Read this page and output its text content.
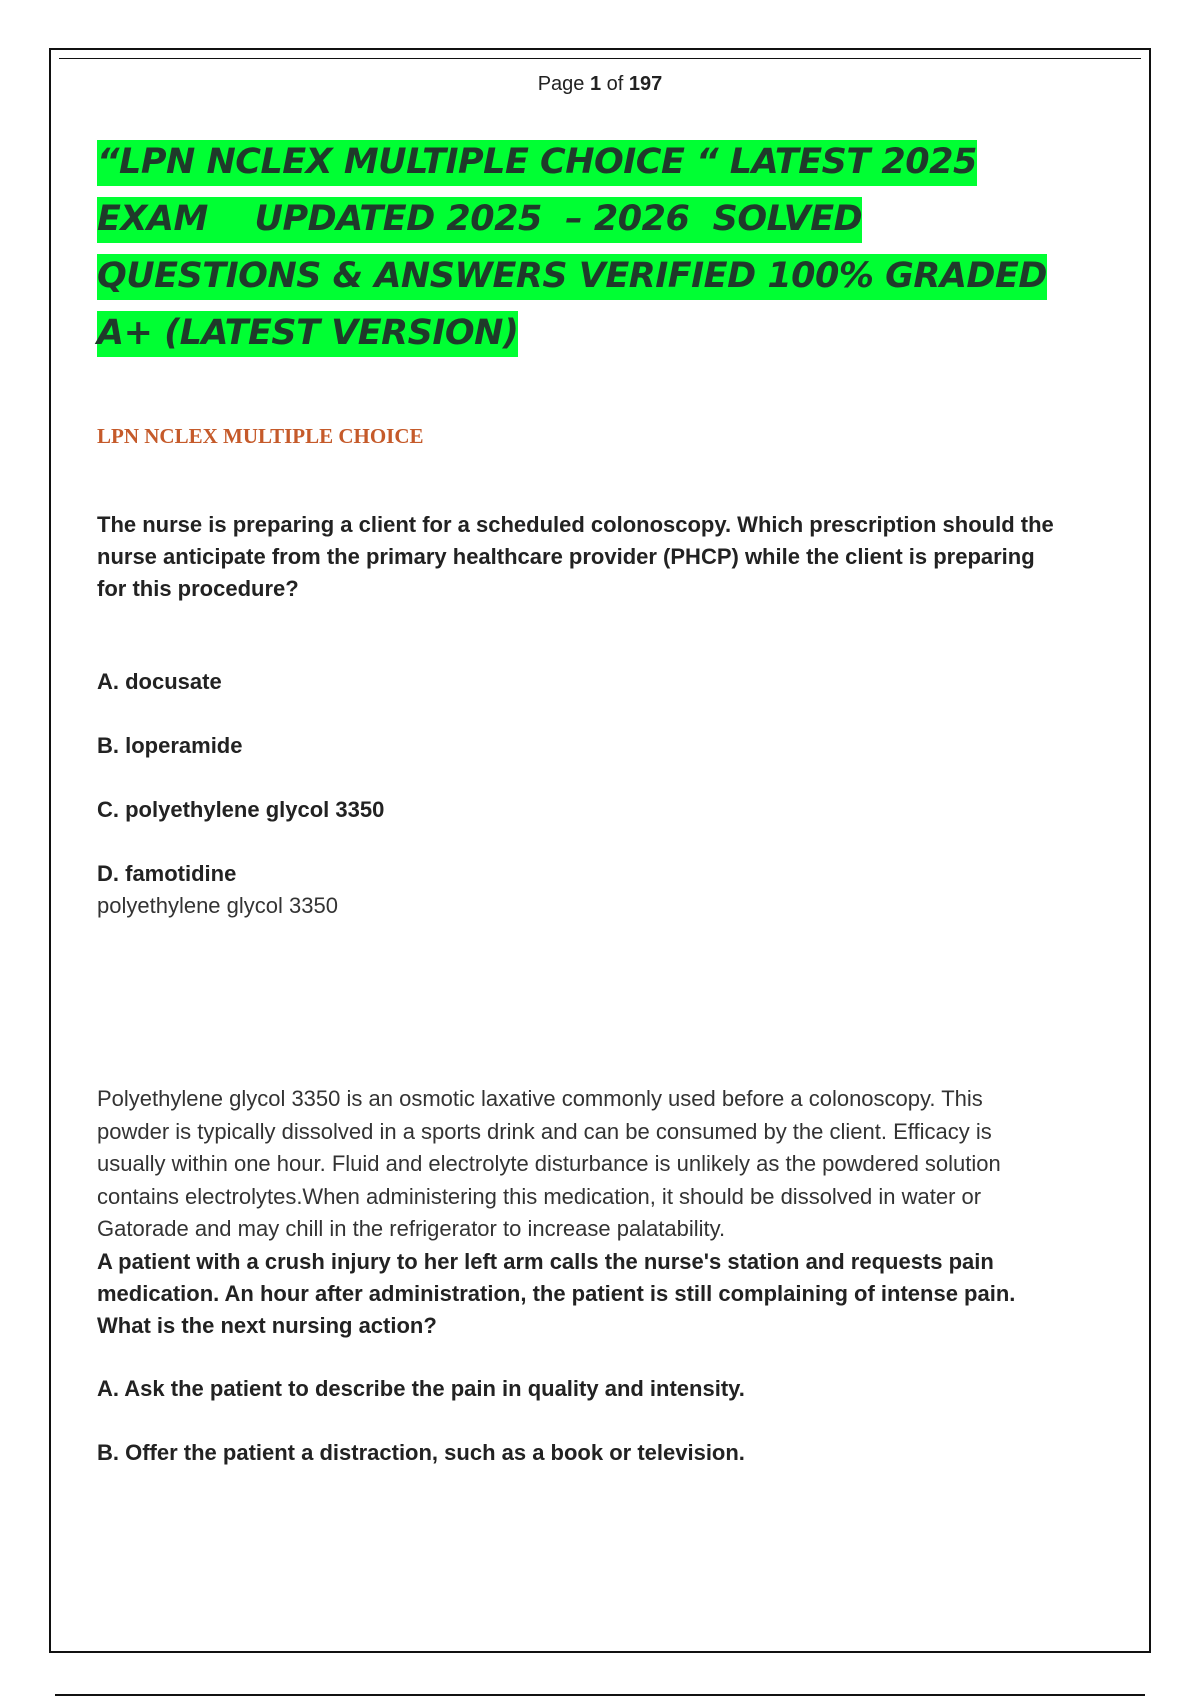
Page 1 of 197
“LPN NCLEX MULTIPLE CHOICE “ LATEST 2025
EXAM    UPDATED 2025  – 2026  SOLVED
QUESTIONS & ANSWERS VERIFIED 100% GRADED
A+ (LATEST VERSION)
LPN NCLEX MULTIPLE CHOICE

The nurse is preparing a client for a scheduled colonoscopy. Which prescription should the nurse anticipate from the primary healthcare provider (PHCP) while the client is preparing for this procedure?

A. docusate

B. loperamide

C. polyethylene glycol 3350

D. famotidine

polyethylene glycol 3350

Polyethylene glycol 3350 is an osmotic laxative commonly used before a colonoscopy. This powder is typically dissolved in a sports drink and can be consumed by the client. Efficacy is usually within one hour. Fluid and electrolyte disturbance is unlikely as the powdered solution contains electrolytes.When administering this medication, it should be dissolved in water or Gatorade and may chill in the refrigerator to increase palatability.

A patient with a crush injury to her left arm calls the nurse's station and requests pain medication. An hour after administration, the patient is still complaining of intense pain. What is the next nursing action?

A. Ask the patient to describe the pain in quality and intensity.

B. Offer the patient a distraction, such as a book or television.
